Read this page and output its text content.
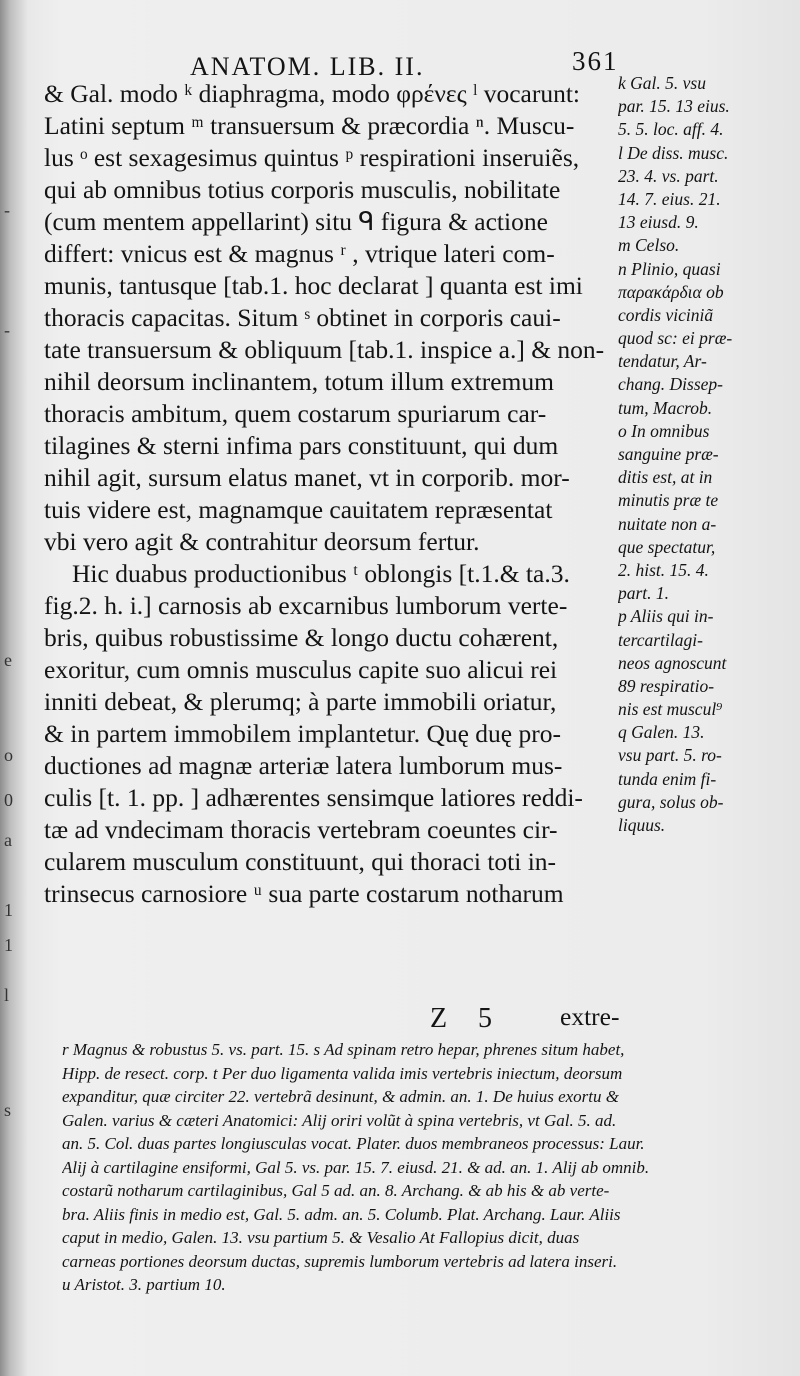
-
-
e
o
0
a
1
1
l
s
ANATOM. LIB. II.	361
& Gal. modo ᵏ diaphragma, modo φρένες ˡ vocarunt:
Latini septum ᵐ transuersum & præcordia ⁿ. Muscu-
lus ᵒ est sexagesimus quintus ᵖ respirationi inseruiẽs,
qui ab omnibus totius corporis musculis, nobilitate
(cum mentem appellarint) situ ᑫ figura & actione
differt: vnicus est & magnus ʳ , vtrique lateri com-
munis, tantusque [tab.1. hoc declarat ] quanta est imi
thoracis capacitas. Situm ˢ obtinet in corporis caui-
tate transuersum & obliquum [tab.1. inspice a.] & non-
nihil deorsum inclinantem, totum illum extremum
thoracis ambitum, quem costarum spuriarum car-
tilagines & sterni infima pars constituunt, qui dum
nihil agit, sursum elatus manet, vt in corporib. mor-
tuis videre est, magnamque cauitatem repræsentat
vbi vero agit & contrahitur deorsum fertur.
Hic duabus productionibus ᵗ oblongis [t.1.& ta.3.
fig.2. h. i.] carnosis ab excarnibus lumborum verte-
bris, quibus robustissime & longo ductu cohærent,
exoritur, cum omnis musculus capite suo alicui rei
inniti debeat, & plerumq; à parte immobili oriatur,
& in partem immobilem implantetur. Quę duę pro-
ductiones ad magnæ arteriæ latera lumborum mus-
culis [t. 1. pp. ] adhærentes sensimque latiores reddi-
tæ ad vndecimam thoracis vertebram coeuntes cir-
cularem musculum constituunt, qui thoraci toti in-
trinsecus carnosiore ᵘ sua parte costarum notharum
k Gal. 5. vsu
par. 15. 13 eius.
5. 5. loc. aff. 4.
l De diss. musc.
23. 4. vs. part.
14. 7. eius. 21.
13 eiusd. 9.
m Celso.
n Plinio, quasi
παρακάρδια ob
cordis viciniã
quod sc: ei præ-
tendatur, Ar-
chang. Dissep-
tum, Macrob.
o In omnibus
sanguine præ-
ditis est, at in
minutis præ te
nuitate non a-
que spectatur,
2. hist. 15. 4.
part. 1.
p Aliis qui in-
tercartilagi-
neos agnoscunt
89 respiratio-
nis est muscul⁹
q Galen. 13.
vsu part. 5. ro-
tunda enim fi-
gura, solus ob-
liquus.
Z 5	extre-
r Magnus & robustus 5. vs. part. 15. s Ad spinam retro hepar, phrenes situm habet,
Hipp. de resect. corp. t Per duo ligamenta valida imis vertebris iniectum, deorsum
expanditur, quæ circiter 22. vertebrã desinunt, & admin. an. 1. De huius exortu &
Galen. varius & cæteri Anatomici: Alij oriri volũt à spina vertebris, vt Gal. 5. ad.
an. 5. Col. duas partes longiusculas vocat. Plater. duos membraneos processus: Laur.
Alij à cartilagine ensiformi, Gal 5. vs. par. 15. 7. eiusd. 21. & ad. an. 1. Alij ab omnib.
costarũ notharum cartilaginibus, Gal 5 ad. an. 8. Archang. & ab his & ab verte-
bra. Aliis finis in medio est, Gal. 5. adm. an. 5. Columb. Plat. Archang. Laur. Aliis
caput in medio, Galen. 13. vsu partium 5. & Vesalio At Fallopius dicit, duas
carneas portiones deorsum ductas, supremis lumborum vertebris ad latera inseri.
u Aristot. 3. partium 10.
